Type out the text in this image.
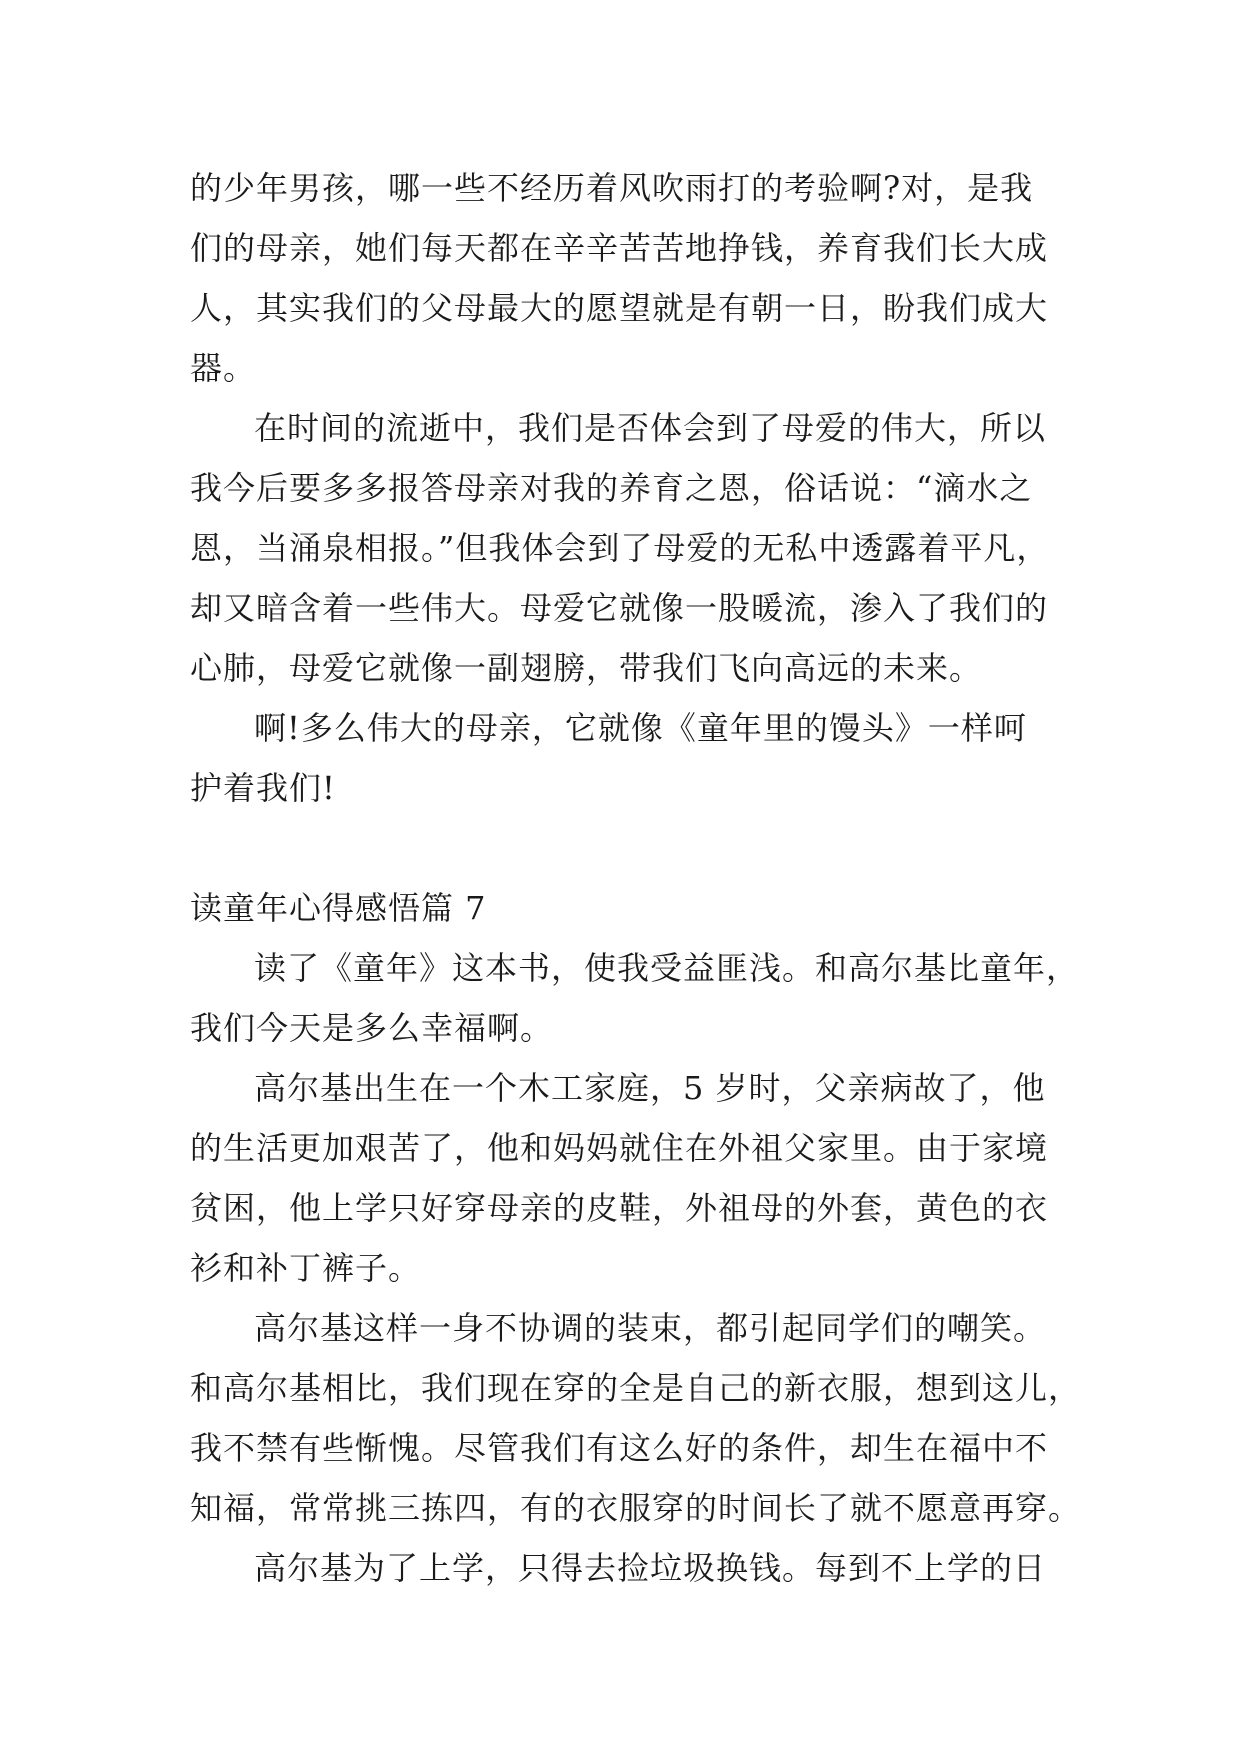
的少年男孩，哪一些不经历着风吹雨打的考验啊?对，是我
们的母亲，她们每天都在辛辛苦苦地挣钱，养育我们长大成
人，其实我们的父母最大的愿望就是有朝一日，盼我们成大
器。
在时间的流逝中，我们是否体会到了母爱的伟大，所以
我今后要多多报答母亲对我的养育之恩，俗话说：“滴水之
恩，当涌泉相报。”但我体会到了母爱的无私中透露着平凡，
却又暗含着一些伟大。母爱它就像一股暖流，渗入了我们的
心肺，母爱它就像一副翅膀，带我们飞向高远的未来。
啊!多么伟大的母亲，它就像《童年里的馒头》一样呵
护着我们!
读童年心得感悟篇 7
读了《童年》这本书，使我受益匪浅。和高尔基比童年，
我们今天是多么幸福啊。
高尔基出生在一个木工家庭，5 岁时，父亲病故了，他
的生活更加艰苦了，他和妈妈就住在外祖父家里。由于家境
贫困，他上学只好穿母亲的皮鞋，外祖母的外套，黄色的衣
衫和补丁裤子。
高尔基这样一身不协调的装束，都引起同学们的嘲笑。
和高尔基相比，我们现在穿的全是自己的新衣服，想到这儿，
我不禁有些惭愧。尽管我们有这么好的条件，却生在福中不
知福，常常挑三拣四，有的衣服穿的时间长了就不愿意再穿。
高尔基为了上学，只得去捡垃圾换钱。每到不上学的日
